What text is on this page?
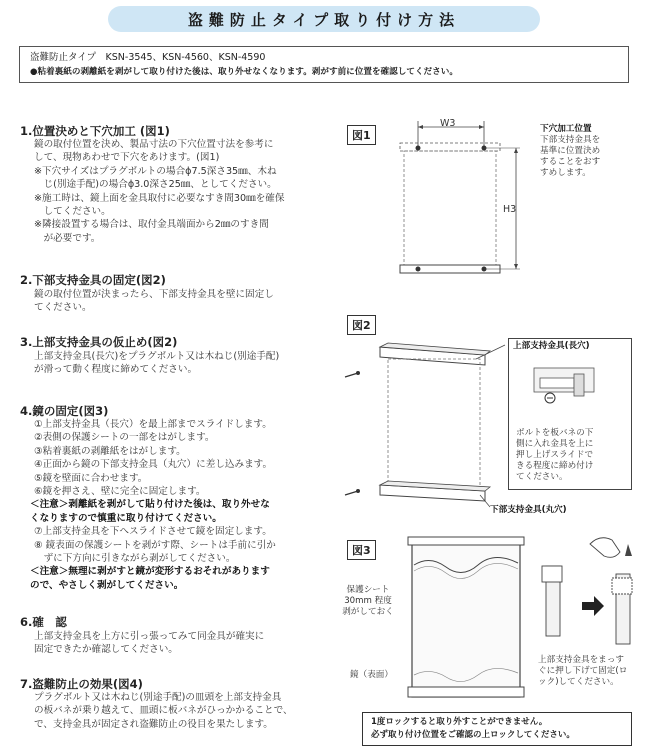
盗難防止タイプ取り付け方法
盗難防止タイプ　KSN-3545、KSN-4560、KSN-4590
●粘着裏紙の剥離紙を剥がして取り付けた後は、取り外せなくなります。剥がす前に位置を確認してください。
1.位置決めと下穴加工 (図1)

鏡の取付位置を決め、製品寸法の下穴位置寸法を参考に

して、現物あわせで下穴をあけます。(図1)

※下穴サイズはプラグボルトの場合ɸ7.5深さ35㎜、木ね

　じ(別途手配)の場合ɸ3.0深さ25㎜、としてください。

※施工時は、鏡上面を金具取付に必要なすき間30㎜を確保

　してください。

※隣接設置する場合は、取付金具端面から2㎜のすき間

　が必要です。

2.下部支持金具の固定(図2)

鏡の取付位置が決まったら、下部支持金具を壁に固定し

てください。

3.上部支持金具の仮止め(図2)

上部支持金具(長穴)をプラグボルト又は木ねじ(別途手配)

が滑って動く程度に締めてください。

4.鏡の固定(図3)

①上部支持金具（長穴）を最上部までスライドします。

②表側の保護シートの一部をはがします。

③粘着裏紙の剥離紙をはがします。

④正面から鏡の下部支持金具（丸穴）に差し込みます。

⑤鏡を壁面に合わせます。

⑥鏡を押さえ、壁に完全に固定します。

＜注意＞剥離紙を剥がして貼り付けた後は、取り外せな

くなりますので慎重に取り付けてください。

⑦上部支持金具を下へスライドさせて鏡を固定します。

⑧ 鏡表面の保護シートを剥がす際、シートは手前に引か

　ずに下方向に引きながら剥がしてください。

＜注意＞無理に剥がすと鏡が変形するおそれがあります

ので、やさしく剥がしてください。

6.確　認

上部支持金具を上方に引っ張ってみて同金具が確実に

固定できたか確認してください。

7.盗難防止の効果(図4)

プラグボルト又は木ねじ(別途手配)の皿頭を上部支持金具

の板バネが乗り越えて、皿頭に板バネがひっかかることで、

で、支持金具が固定され盗難防止の役目を果たします。

図1
W3
H3
下穴加工位置
下部支持金具を
基準に位置決め
することをおす
すめします。
図2
上部支持金具(長穴)
ボルトを板バネの下
側に入れ金具を上に
押し上げスライドで
きる程度に締め付け
てください。
下部支持金具(丸穴)
図3
保護シート
30mm 程度
剥がしておく
鏡（表面）
上部支持金具をまっす
ぐに押し下げて固定(ロ
ック)してください。
1度ロックすると取り外すことができません。
必ず取り付け位置をご確認の上ロックしてください。
